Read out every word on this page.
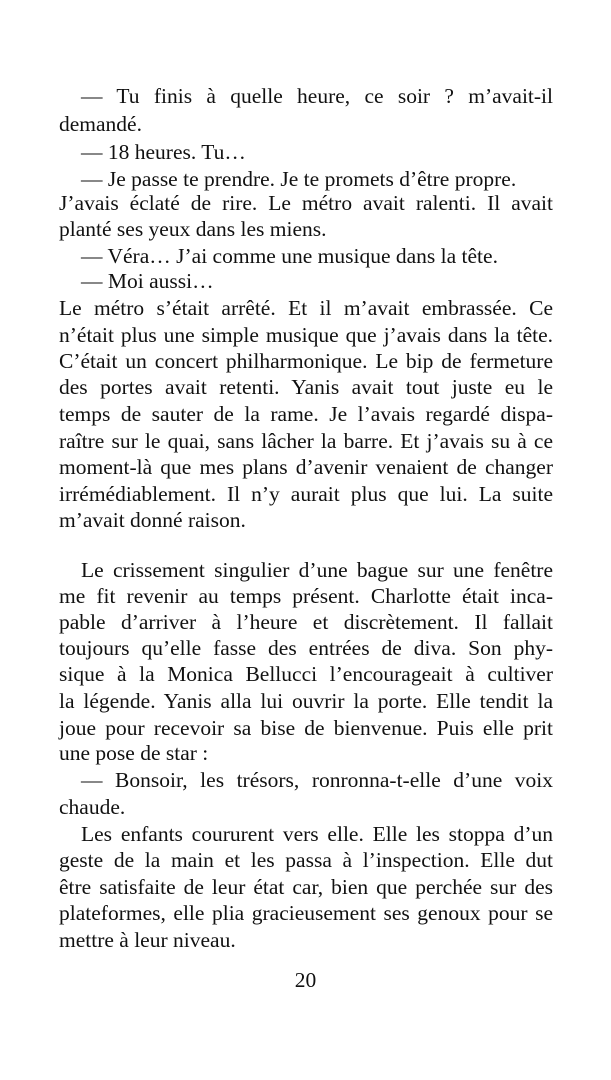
— Tu finis à quelle heure, ce soir ? m’avait-il
demandé.
— 18 heures. Tu…
— Je passe te prendre. Je te promets d’être propre.
J’avais éclaté de rire. Le métro avait ralenti. Il avait
planté ses yeux dans les miens.
— Véra… J’ai comme une musique dans la tête.
— Moi aussi…
Le métro s’était arrêté. Et il m’avait embrassée. Ce
n’était plus une simple musique que j’avais dans la tête.
C’était un concert philharmonique. Le bip de fermeture
des portes avait retenti. Yanis avait tout juste eu le
temps de sauter de la rame. Je l’avais regardé dispa-
raître sur le quai, sans lâcher la barre. Et j’avais su à ce
moment-là que mes plans d’avenir venaient de changer
irrémédiablement. Il n’y aurait plus que lui. La suite
m’avait donné raison.
Le crissement singulier d’une bague sur une fenêtre
me fit revenir au temps présent. Charlotte était inca-
pable d’arriver à l’heure et discrètement. Il fallait
toujours qu’elle fasse des entrées de diva. Son phy-
sique à la Monica Bellucci l’encourageait à cultiver
la légende. Yanis alla lui ouvrir la porte. Elle tendit la
joue pour recevoir sa bise de bienvenue. Puis elle prit
une pose de star :
— Bonsoir, les trésors, ronronna-t-elle d’une voix
chaude.
Les enfants coururent vers elle. Elle les stoppa d’un
geste de la main et les passa à l’inspection. Elle dut
être satisfaite de leur état car, bien que perchée sur des
plateformes, elle plia gracieusement ses genoux pour se
mettre à leur niveau.
20
